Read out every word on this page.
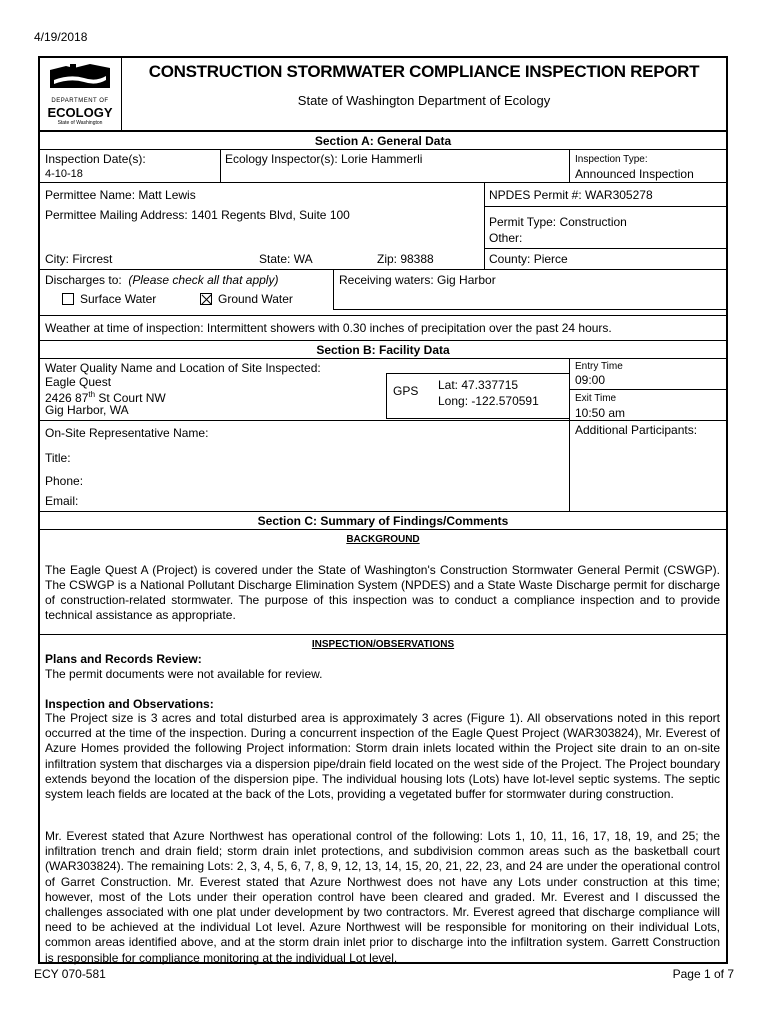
4/19/2018
DEPARTMENT OF
ECOLOGY
State of Washington
CONSTRUCTION STORMWATER COMPLIANCE INSPECTION REPORT
State of Washington Department of Ecology
Section A: General Data
Inspection Date(s):
4-10-18
Ecology Inspector(s): Lorie Hammerli	Inspection Type:
Announced Inspection
Permittee Name: Matt Lewis
Permittee Mailing Address: 1401 Regents Blvd, Suite 100
NPDES Permit #: WAR305278
Permit Type: Construction
Other:
City: Fircrest	State: WA	Zip: 98388	County: Pierce
Discharges to: (Please check all that apply)
Surface Water	Ground Water
Receiving waters: Gig Harbor
Weather at time of inspection: Intermittent showers with 0.30 inches of precipitation over the past 24 hours.
Section B: Facility Data
Water Quality Name and Location of Site Inspected:
Eagle Quest
2426 87th St Court NW
Gig Harbor, WA
GPS Lat: 47.337715
Long: -122.570591
Entry Time
09:00
Exit Time
10:50 am
On-Site Representative Name:	Additional Participants:
Title:
Phone:
Email:
Section C: Summary of Findings/Comments
BACKGROUND
The Eagle Quest A (Project) is covered under the State of Washington's Construction Stormwater General Permit (CSWGP). The CSWGP is a National Pollutant Discharge Elimination System (NPDES) and a State Waste Discharge permit for discharge of construction-related stormwater. The purpose of this inspection was to conduct a compliance inspection and to provide technical assistance as appropriate.
INSPECTION/OBSERVATIONS
Plans and Records Review:
The permit documents were not available for review.
Inspection and Observations:
The Project size is 3 acres and total disturbed area is approximately 3 acres (Figure 1). All observations noted in this report occurred at the time of the inspection. During a concurrent inspection of the Eagle Quest Project (WAR303824), Mr. Everest of Azure Homes provided the following Project information: Storm drain inlets located within the Project site drain to an on-site infiltration system that discharges via a dispersion pipe/drain field located on the west side of the Project. The Project boundary extends beyond the location of the dispersion pipe. The individual housing lots (Lots) have lot-level septic systems. The septic system leach fields are located at the back of the Lots, providing a vegetated buffer for stormwater during construction.
Mr. Everest stated that Azure Northwest has operational control of the following: Lots 1, 10, 11, 16, 17, 18, 19, and 25; the infiltration trench and drain field; storm drain inlet protections, and subdivision common areas such as the basketball court (WAR303824). The remaining Lots: 2, 3, 4, 5, 6, 7, 8, 9, 12, 13, 14, 15, 20, 21, 22, 23, and 24 are under the operational control of Garret Construction. Mr. Everest stated that Azure Northwest does not have any Lots under construction at this time; however, most of the Lots under their operation control have been cleared and graded. Mr. Everest and I discussed the challenges associated with one plat under development by two contractors. Mr. Everest agreed that discharge compliance will need to be achieved at the individual Lot level. Azure Northwest will be responsible for monitoring on their individual Lots, common areas identified above, and at the storm drain inlet prior to discharge into the infiltration system. Garrett Construction is responsible for compliance monitoring at the individual Lot level.
ECY 070-581	Page 1 of 7
